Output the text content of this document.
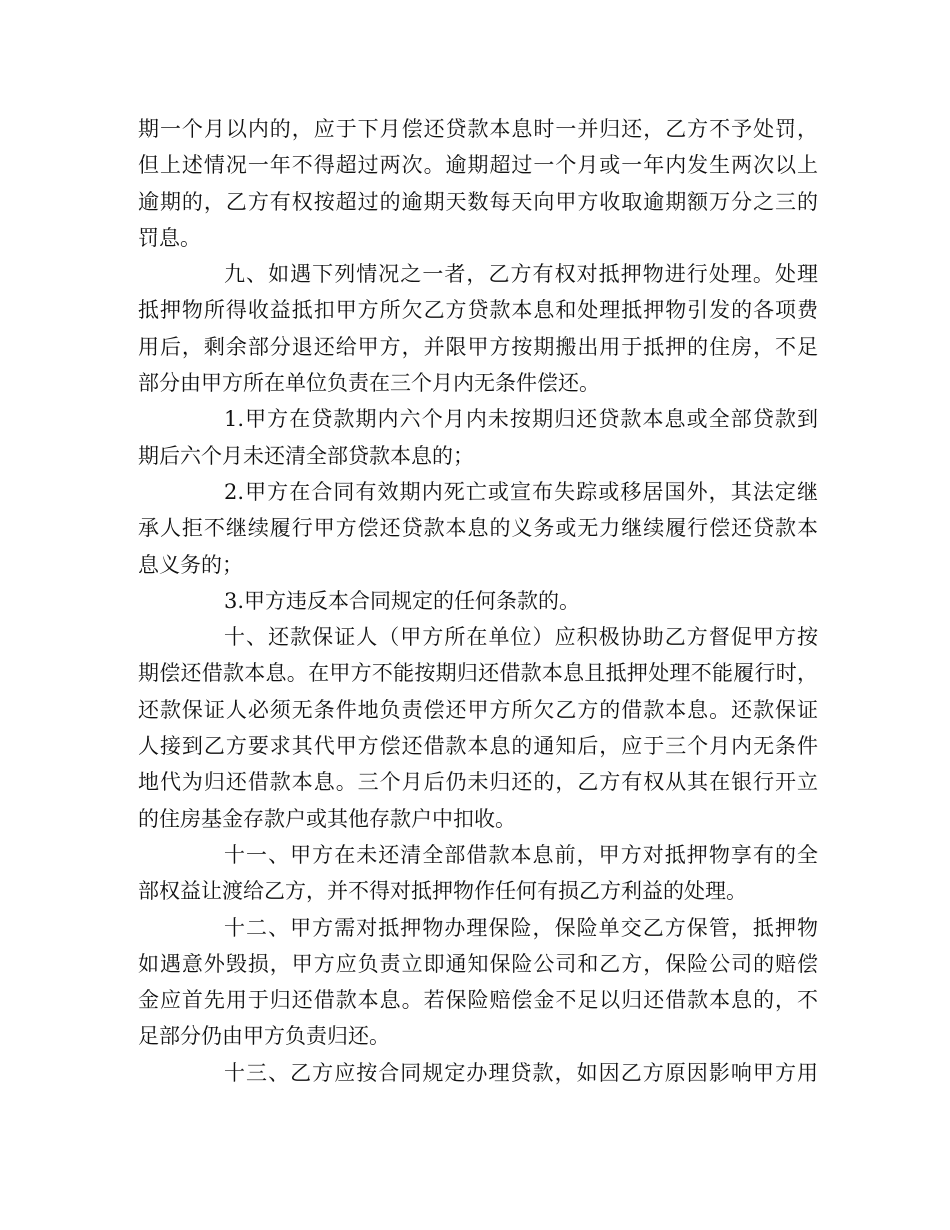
期一个月以内的，应于下月偿还贷款本息时一并归还，乙方不予处罚，
但上述情况一年不得超过两次。逾期超过一个月或一年内发生两次以上
逾期的，乙方有权按超过的逾期天数每天向甲方收取逾期额万分之三的
罚息。
九、如遇下列情况之一者，乙方有权对抵押物进行处理。处理
抵押物所得收益抵扣甲方所欠乙方贷款本息和处理抵押物引发的各项费
用后，剩余部分退还给甲方，并限甲方按期搬出用于抵押的住房，不足
部分由甲方所在单位负责在三个月内无条件偿还。
1.甲方在贷款期内六个月内未按期归还贷款本息或全部贷款到
期后六个月未还清全部贷款本息的；
2.甲方在合同有效期内死亡或宣布失踪或移居国外，其法定继
承人拒不继续履行甲方偿还贷款本息的义务或无力继续履行偿还贷款本
息义务的；
3.甲方违反本合同规定的任何条款的。
十、还款保证人（甲方所在单位）应积极协助乙方督促甲方按
期偿还借款本息。在甲方不能按期归还借款本息且抵押处理不能履行时，
还款保证人必须无条件地负责偿还甲方所欠乙方的借款本息。还款保证
人接到乙方要求其代甲方偿还借款本息的通知后，应于三个月内无条件
地代为归还借款本息。三个月后仍未归还的，乙方有权从其在银行开立
的住房基金存款户或其他存款户中扣收。
十一、甲方在未还清全部借款本息前，甲方对抵押物享有的全
部权益让渡给乙方，并不得对抵押物作任何有损乙方利益的处理。
十二、甲方需对抵押物办理保险，保险单交乙方保管，抵押物
如遇意外毁损，甲方应负责立即通知保险公司和乙方，保险公司的赔偿
金应首先用于归还借款本息。若保险赔偿金不足以归还借款本息的，不
足部分仍由甲方负责归还。
十三、乙方应按合同规定办理贷款，如因乙方原因影响甲方用
